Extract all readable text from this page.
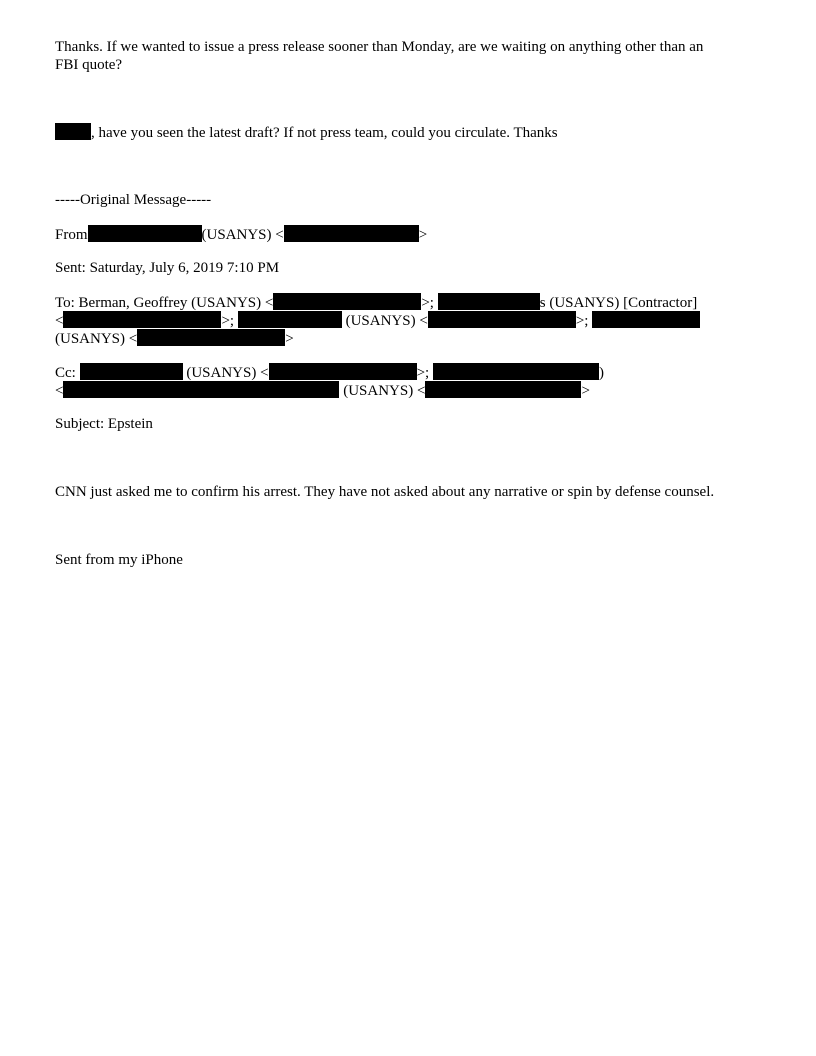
Thanks. If we wanted to issue a press release sooner than Monday, are we waiting on anything other than an
FBI quote?
, have you seen the latest draft? If not press team, could you circulate. Thanks
-----Original Message-----
From	(USANYS) <	>
Sent: Saturday, July 6, 2019 7:10 PM
To: Berman, Geoffrey (USANYS) <	>;	s (USANYS) [Contractor]
<	>;	(USANYS) <	>;
(USANYS) <	>
Cc:	(USANYS) <	>;	)
<	(USANYS) <	>
Subject: Epstein
CNN just asked me to confirm his arrest. They have not asked about any narrative or spin by defense counsel.
Sent from my iPhone
